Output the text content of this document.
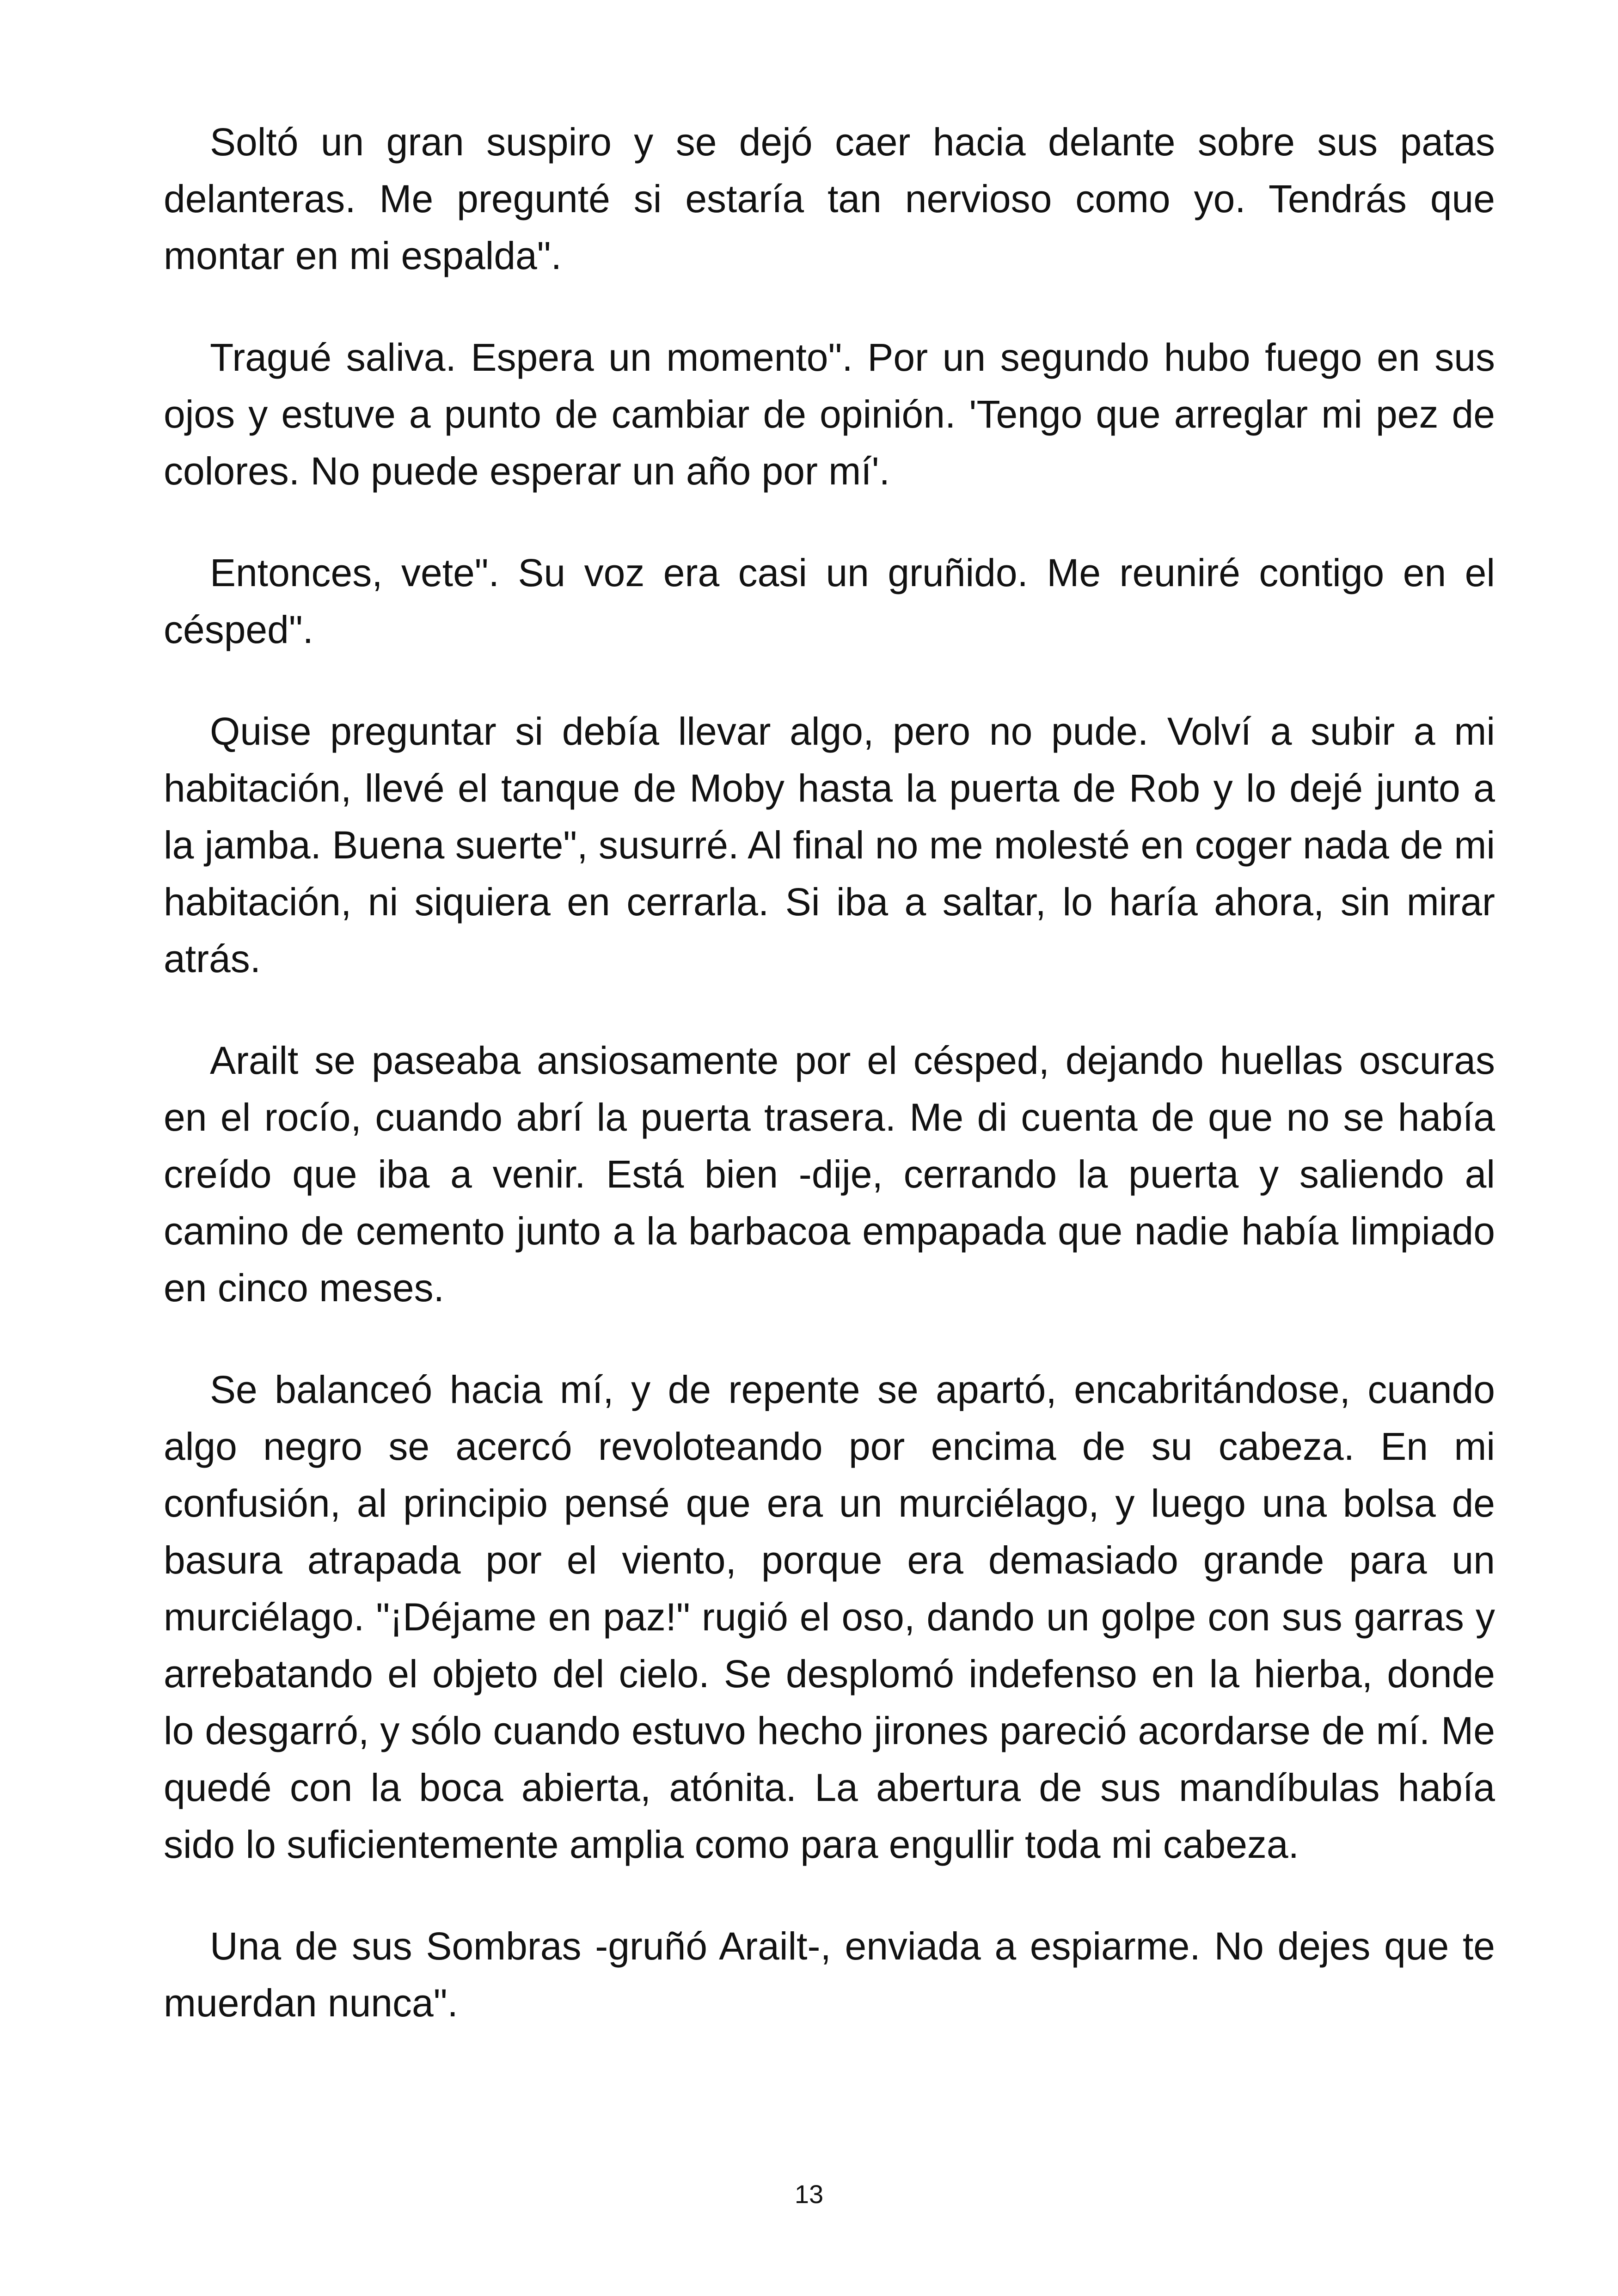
Soltó un gran suspiro y se dejó caer hacia delante sobre sus patas delanteras. Me pregunté si estaría tan nervioso como yo. Tendrás que montar en mi espalda".

Tragué saliva. Espera un momento". Por un segundo hubo fuego en sus ojos y estuve a punto de cambiar de opinión. 'Tengo que arreglar mi pez de colores. No puede esperar un año por mí'.

Entonces, vete". Su voz era casi un gruñido. Me reuniré contigo en el césped".

Quise preguntar si debía llevar algo, pero no pude. Volví a subir a mi habitación, llevé el tanque de Moby hasta la puerta de Rob y lo dejé junto a la jamba. Buena suerte", susurré. Al final no me molesté en coger nada de mi habitación, ni siquiera en cerrarla. Si iba a saltar, lo haría ahora, sin mirar atrás.

Arailt se paseaba ansiosamente por el césped, dejando huellas oscuras en el rocío, cuando abrí la puerta trasera. Me di cuenta de que no se había creído que iba a venir. Está bien -dije, cerrando la puerta y saliendo al camino de cemento junto a la barbacoa empapada que nadie había limpiado en cinco meses.

Se balanceó hacia mí, y de repente se apartó, encabritándose, cuando algo negro se acercó revoloteando por encima de su cabeza. En mi confusión, al principio pensé que era un murciélago, y luego una bolsa de basura atrapada por el viento, porque era demasiado grande para un murciélago. "¡Déjame en paz!" rugió el oso, dando un golpe con sus garras y arrebatando el objeto del cielo. Se desplomó indefenso en la hierba, donde lo desgarró, y sólo cuando estuvo hecho jirones pareció acordarse de mí. Me quedé con la boca abierta, atónita. La abertura de sus mandíbulas había sido lo suficientemente amplia como para engullir toda mi cabeza.

Una de sus Sombras -gruñó Arailt-, enviada a espiarme. No dejes que te muerdan nunca".

13
